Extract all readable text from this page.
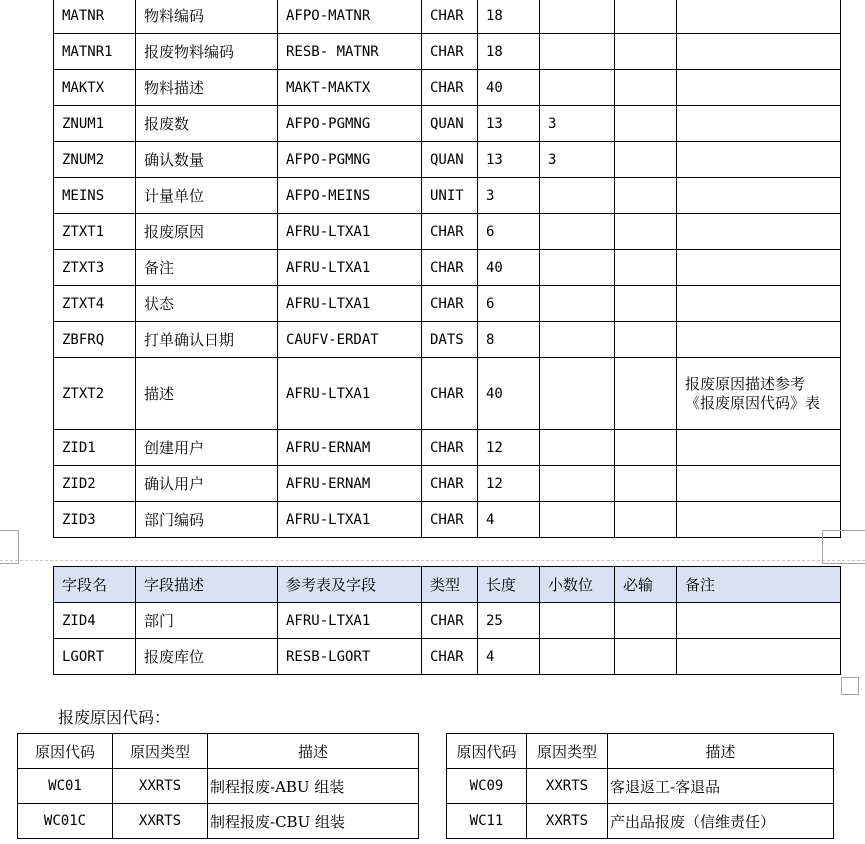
MATNR	物料编码	AFPO-MATNR	CHAR	18			
MATNR1	报废物料编码	RESB- MATNR	CHAR	18			
MAKTX	物料描述	MAKT-MAKTX	CHAR	40			
ZNUM1	报废数	AFPO-PGMNG	QUAN	13	3		
ZNUM2	确认数量	AFPO-PGMNG	QUAN	13	3		
MEINS	计量单位	AFPO-MEINS	UNIT	3			
ZTXT1	报废原因	AFRU-LTXA1	CHAR	6			
ZTXT3	备注	AFRU-LTXA1	CHAR	40			
ZTXT4	状态	AFRU-LTXA1	CHAR	6			
ZBFRQ	打单确认日期	CAUFV-ERDAT	DATS	8			
ZTXT2	描述	AFRU-LTXA1	CHAR	40			报废原因描述参考《报废原因代码》表
ZID1	创建用户	AFRU-ERNAM	CHAR	12			
ZID2	确认用户	AFRU-ERNAM	CHAR	12			
ZID3	部门编码	AFRU-LTXA1	CHAR	4			
字段名	字段描述	参考表及字段	类型	长度	小数位	必输	备注
ZID4	部门	AFRU-LTXA1	CHAR	25			
LGORT	报废库位	RESB-LGORT	CHAR	4			
报废原因代码：
原因代码	原因类型	描述
WC01	XXRTS	制程报废-ABU 组装
WC01C	XXRTS	制程报废-CBU 组装
原因代码	原因类型	描述
WC09	XXRTS	客退返工-客退品
WC11	XXRTS	产出品报废（信维责任）
